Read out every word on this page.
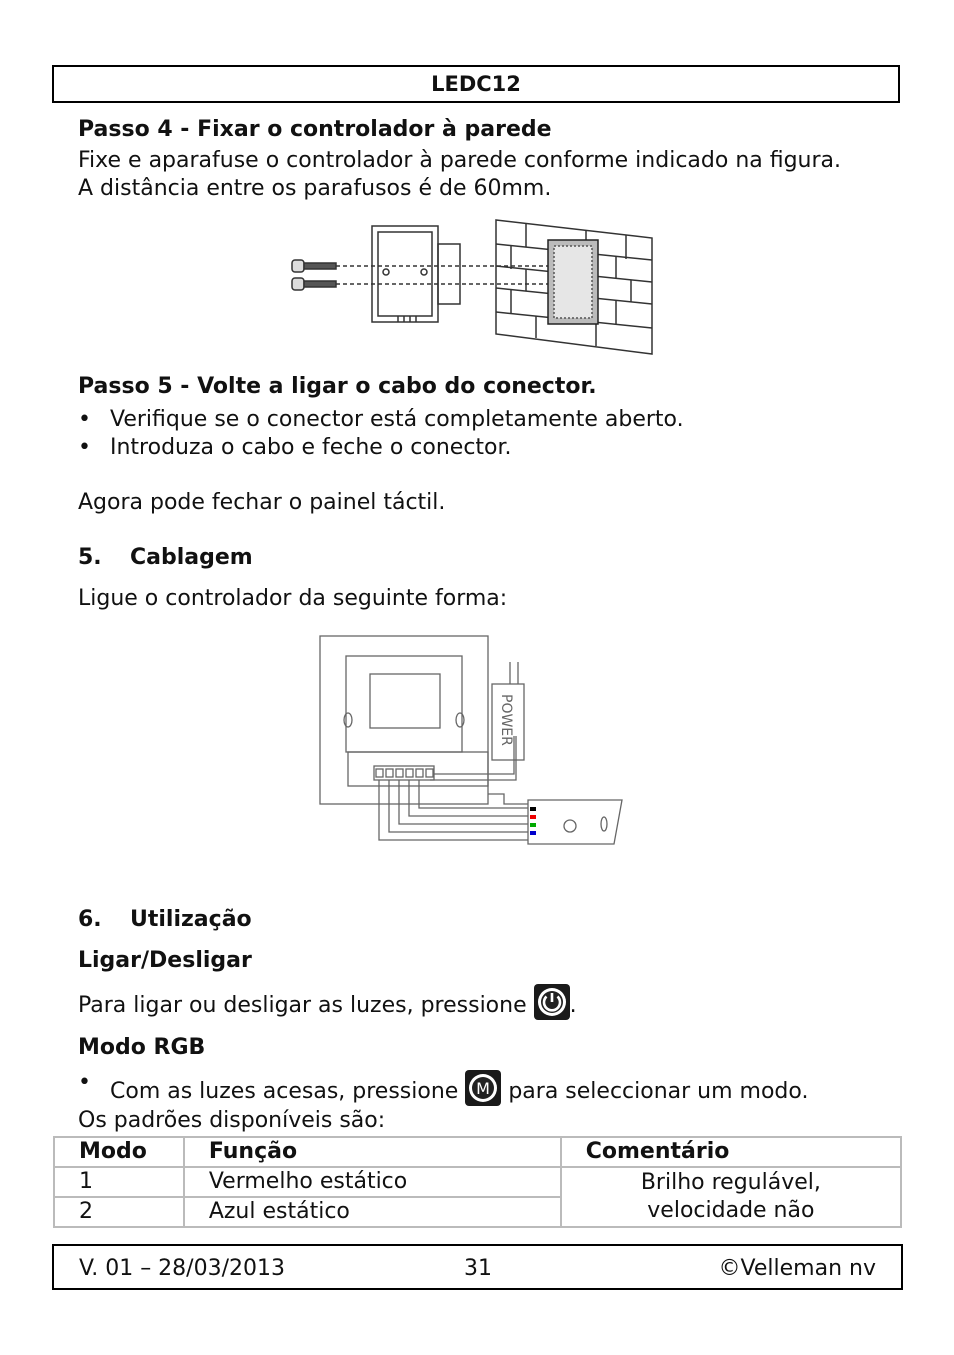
LEDC12
Passo 4 - Fixar o controlador à parede
Fixe e aparafuse o controlador à parede conforme indicado na figura.
A distância entre os parafusos é de 60mm.
Passo 5 - Volte a ligar o cabo do conector.
• Verifique se o conector está completamente aberto.
• Introduza o cabo e feche o conector.
Agora pode fechar o painel táctil.
5. Cablagem
Ligue o controlador da seguinte forma:
POWER
6. Utilização
Ligar/Desligar
Para ligar ou desligar as luzes, pressione .
Modo RGB
• Com as luzes acesas, pressione M para seleccionar um modo.
Os padrões disponíveis são:
Modo	Função	Comentário
1	Vermelho estático	Brilho regulável,
velocidade não

2	Azul estático	
V. 01 – 28/03/2013	31	©Velleman nv
